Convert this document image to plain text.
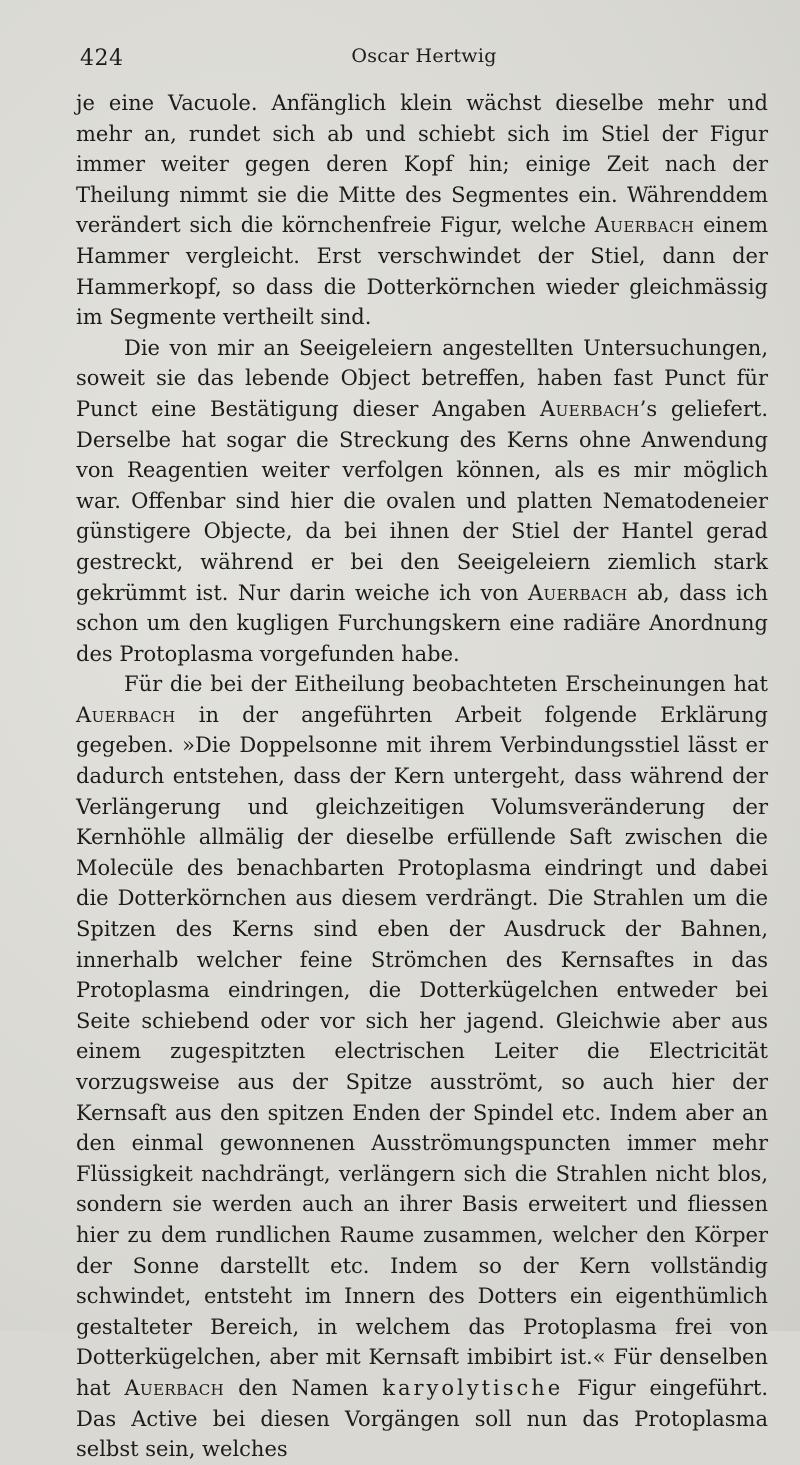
424	Oscar Hertwig

je eine Vacuole. Anfänglich klein wächst dieselbe mehr und mehr an, rundet sich ab und schiebt sich im Stiel der Figur immer weiter gegen deren Kopf hin; einige Zeit nach der Theilung nimmt sie die Mitte des Segmentes ein. Währenddem verändert sich die körnchenfreie Figur, welche Auerbach einem Hammer vergleicht. Erst verschwindet der Stiel, dann der Hammerkopf, so dass die Dotterkörnchen wieder gleichmässig im Segmente vertheilt sind.

Die von mir an Seeigeleiern angestellten Untersuchungen, soweit sie das lebende Object betreffen, haben fast Punct für Punct eine Bestätigung dieser Angaben Auerbach’s geliefert. Derselbe hat sogar die Streckung des Kerns ohne Anwendung von Reagentien weiter verfolgen können, als es mir möglich war. Offenbar sind hier die ovalen und platten Nematodeneier günstigere Objecte, da bei ihnen der Stiel der Hantel gerad gestreckt, während er bei den Seeigeleiern ziemlich stark gekrümmt ist. Nur darin weiche ich von Auerbach ab, dass ich schon um den kugligen Furchungskern eine radiäre Anordnung des Protoplasma vorgefunden habe.

Für die bei der Eitheilung beobachteten Erscheinungen hat Auerbach in der angeführten Arbeit folgende Erklärung gegeben. »Die Doppelsonne mit ihrem Verbindungsstiel lässt er dadurch entstehen, dass der Kern untergeht, dass während der Verlängerung und gleichzeitigen Volumsveränderung der Kernhöhle allmälig der dieselbe erfüllende Saft zwischen die Molecüle des benachbarten Protoplasma eindringt und dabei die Dotterkörnchen aus diesem verdrängt. Die Strahlen um die Spitzen des Kerns sind eben der Ausdruck der Bahnen, innerhalb welcher feine Strömchen des Kernsaftes in das Protoplasma eindringen, die Dotterkügelchen entweder bei Seite schiebend oder vor sich her jagend. Gleichwie aber aus einem zugespitzten electrischen Leiter die Electricität vorzugsweise aus der Spitze ausströmt, so auch hier der Kernsaft aus den spitzen Enden der Spindel etc. Indem aber an den einmal gewonnenen Ausströmungspuncten immer mehr Flüssigkeit nachdrängt, verlängern sich die Strahlen nicht blos, sondern sie werden auch an ihrer Basis erweitert und fliessen hier zu dem rundlichen Raume zusammen, welcher den Körper der Sonne darstellt etc. Indem so der Kern vollständig schwindet, entsteht im Innern des Dotters ein eigenthümlich gestalteter Bereich, in welchem das Protoplasma frei von Dotterkügelchen, aber mit Kernsaft imbibirt ist.« Für denselben hat Auerbach den Namen karyolytische Figur eingeführt. Das Active bei diesen Vorgängen soll nun das Protoplasma selbst sein, welches
